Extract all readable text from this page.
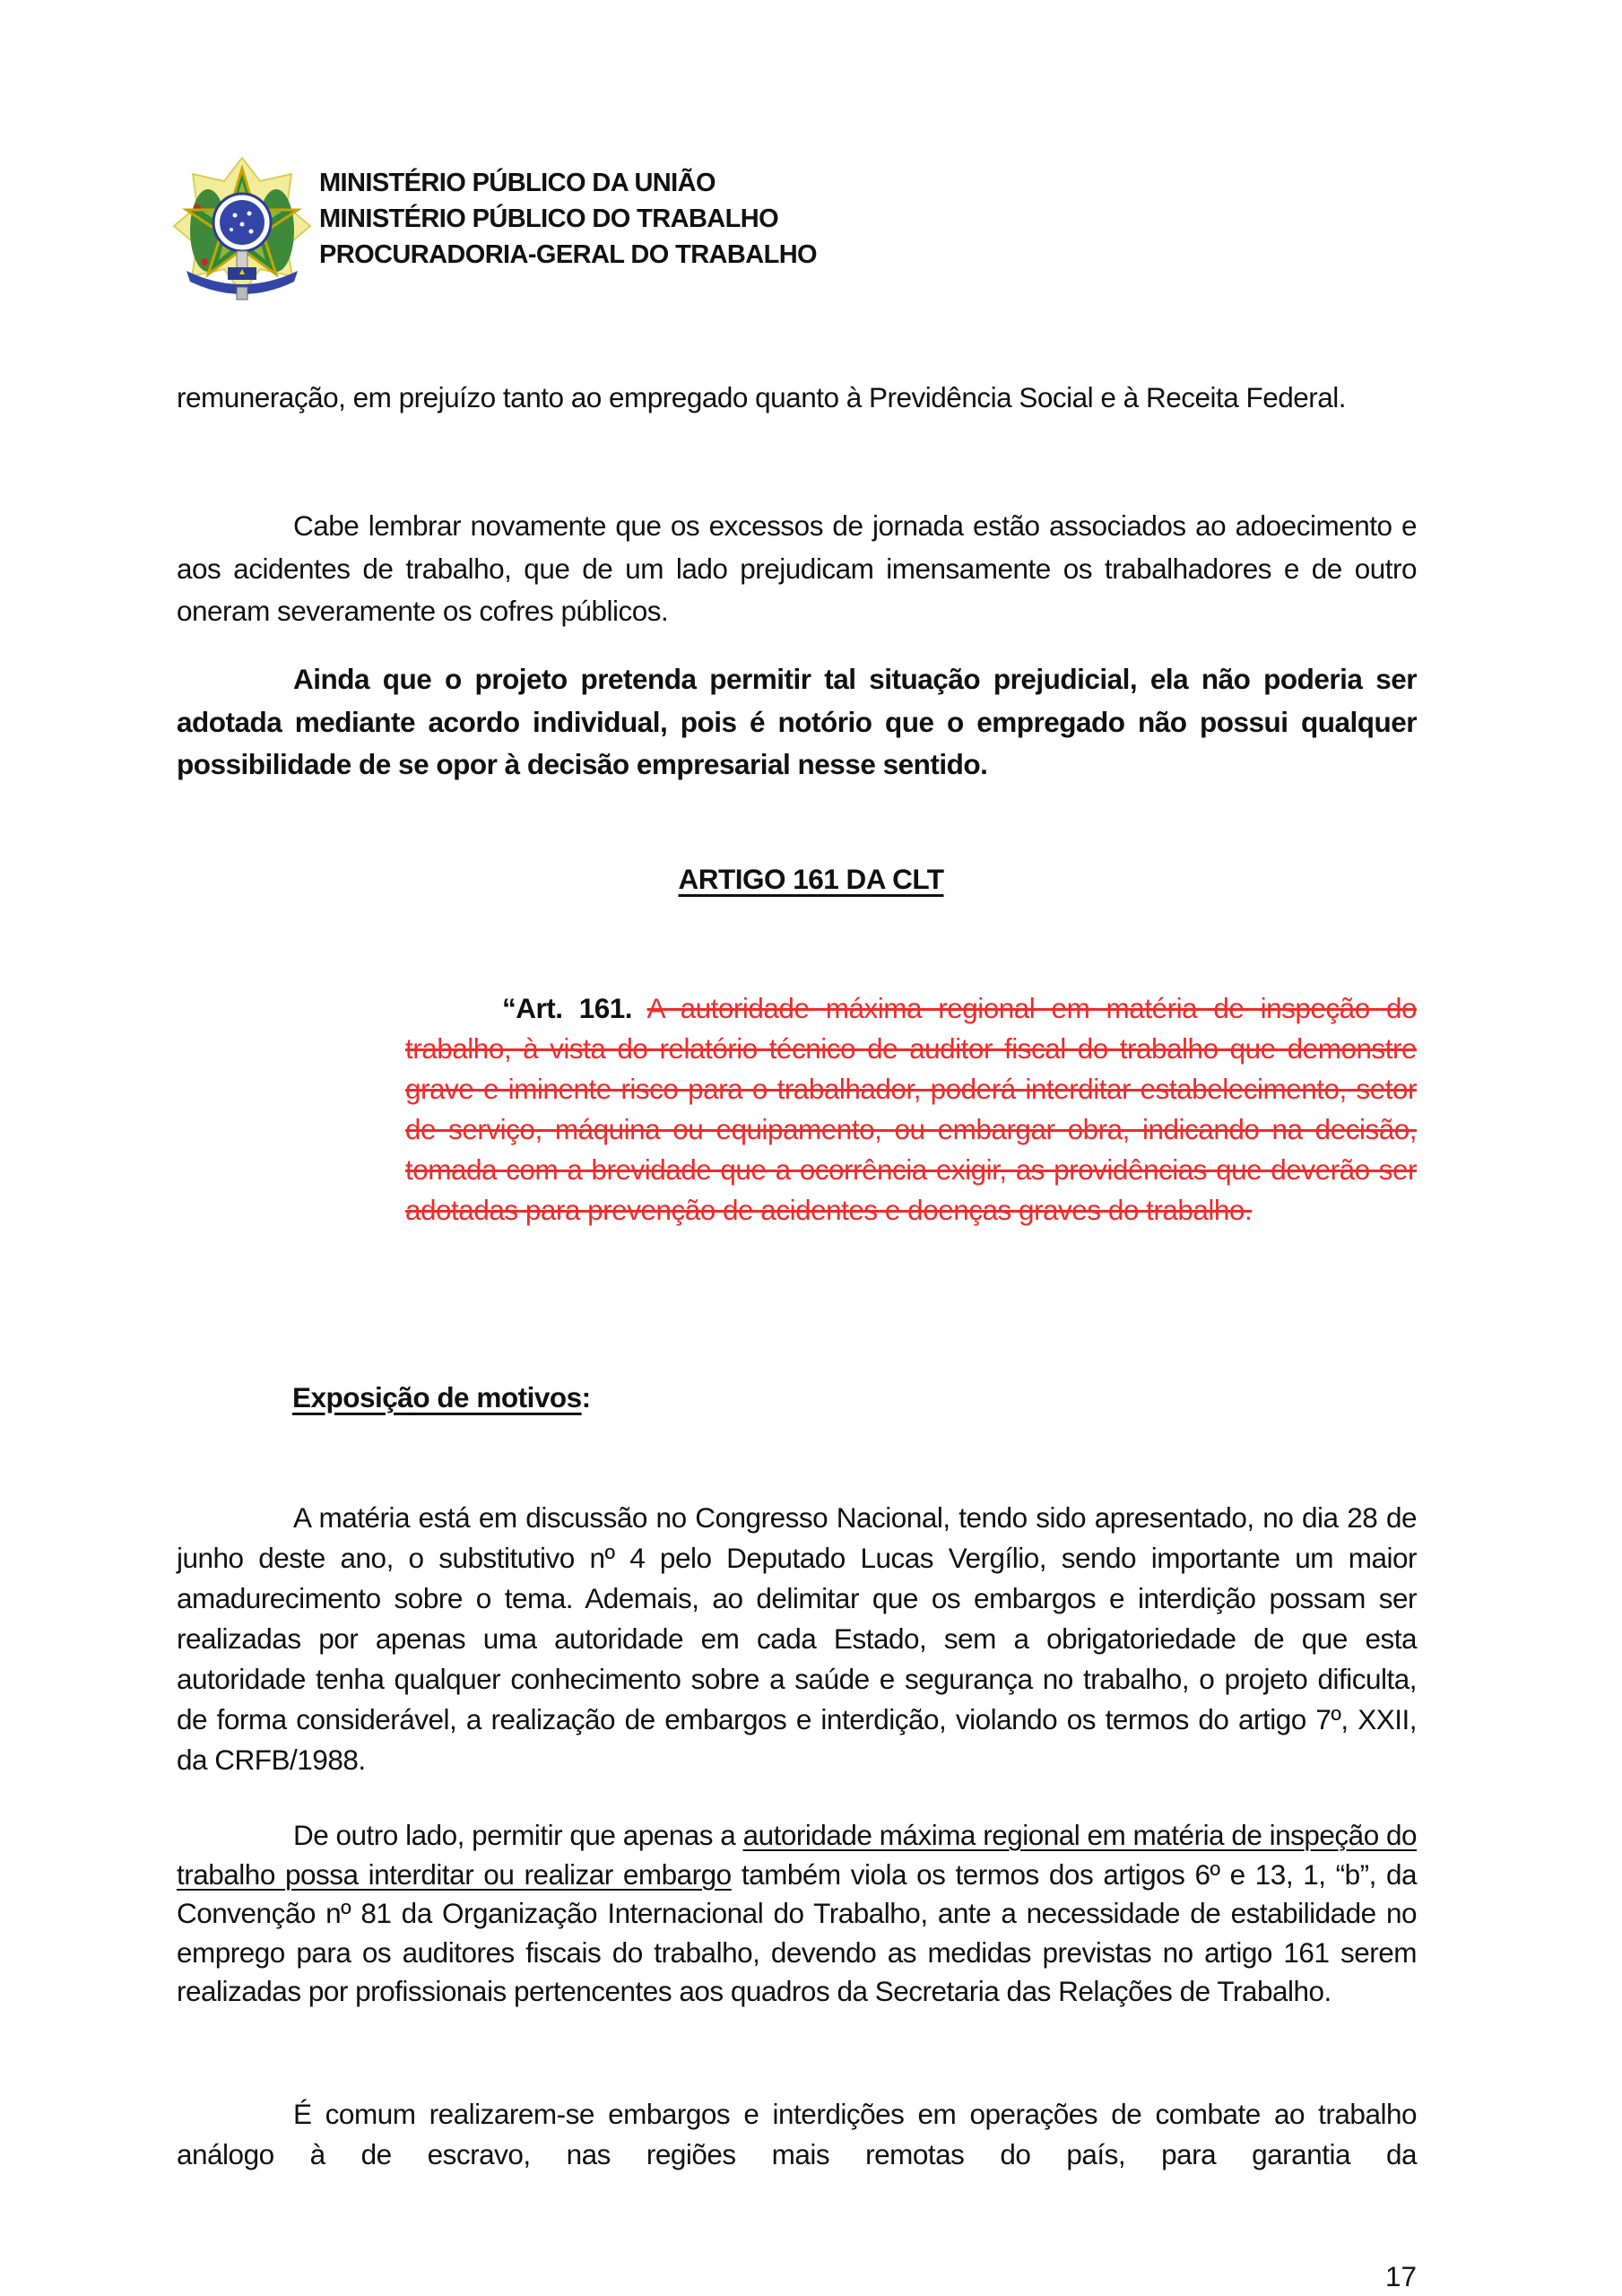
MINISTÉRIO PÚBLICO DA UNIÃO
MINISTÉRIO PÚBLICO DO TRABALHO
PROCURADORIA-GERAL DO TRABALHO

remuneração, em prejuízo tanto ao empregado quanto à Previdência Social e à Receita Federal.

Cabe lembrar novamente que os excessos de jornada estão associados ao adoecimento e aos acidentes de trabalho, que de um lado prejudicam imensamente os trabalhadores e de outro oneram severamente os cofres públicos.

Ainda que o projeto pretenda permitir tal situação prejudicial, ela não poderia ser adotada mediante acordo individual, pois é notório que o empregado não possui qualquer possibilidade de se opor à decisão empresarial nesse sentido.

ARTIGO 161 DA CLT

“Art. 161. A autoridade máxima regional em matéria de inspeção do trabalho, à vista do relatório técnico de auditor fiscal do trabalho que demonstre grave e iminente risco para o trabalhador, poderá interditar estabelecimento, setor de serviço, máquina ou equipamento, ou embargar obra, indicando na decisão, tomada com a brevidade que a ocorrência exigir, as providências que deverão ser adotadas para prevenção de acidentes e doenças graves do trabalho.

Exposição de motivos:

A matéria está em discussão no Congresso Nacional, tendo sido apresentado, no dia 28 de junho deste ano, o substitutivo nº 4 pelo Deputado Lucas Vergílio, sendo importante um maior amadurecimento sobre o tema. Ademais, ao delimitar que os embargos e interdição possam ser realizadas por apenas uma autoridade em cada Estado, sem a obrigatoriedade de que esta autoridade tenha qualquer conhecimento sobre a saúde e segurança no trabalho, o projeto dificulta, de forma considerável, a realização de embargos e interdição, violando os termos do artigo 7º, XXII, da CRFB/1988.

De outro lado, permitir que apenas a autoridade máxima regional em matéria de inspeção do trabalho possa interditar ou realizar embargo também viola os termos dos artigos 6º e 13, 1, “b”, da Convenção nº 81 da Organização Internacional do Trabalho, ante a necessidade de estabilidade no emprego para os auditores fiscais do trabalho, devendo as medidas previstas no artigo 161 serem realizadas por profissionais pertencentes aos quadros da Secretaria das Relações de Trabalho.

É comum realizarem-se embargos e interdições em operações de combate ao trabalho análogo à de escravo, nas regiões mais remotas do país, para garantia da

17
